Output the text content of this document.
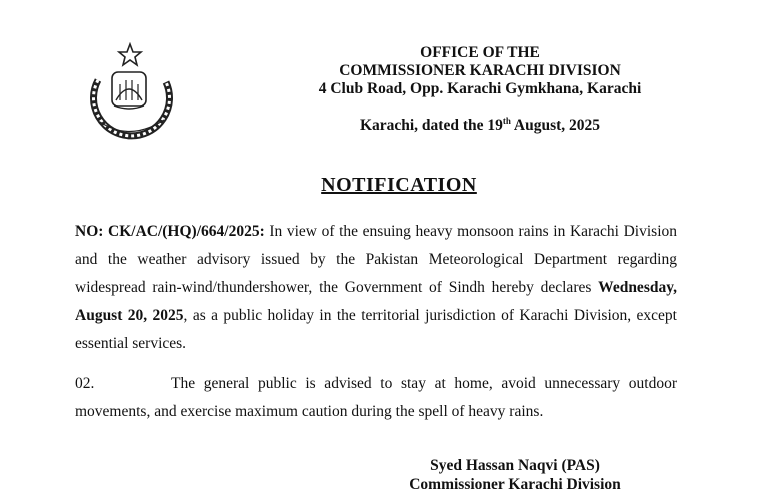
OFFICE OF THE
COMMISSIONER KARACHI DIVISION
4 Club Road, Opp. Karachi Gymkhana, Karachi
Karachi, dated the 19th August, 2025
NOTIFICATION
NO: CK/AC/(HQ)/664/2025: In view of the ensuing heavy monsoon rains in Karachi Division and the weather advisory issued by the Pakistan Meteorological Department regarding widespread rain-wind/thundershower, the Government of Sindh hereby declares Wednesday, August 20, 2025, as a public holiday in the territorial jurisdiction of Karachi Division, except essential services.
02.	The general public is advised to stay at home, avoid unnecessary outdoor movements, and exercise maximum caution during the spell of heavy rains.
Syed Hassan Naqvi (PAS)
Commissioner Karachi Division
